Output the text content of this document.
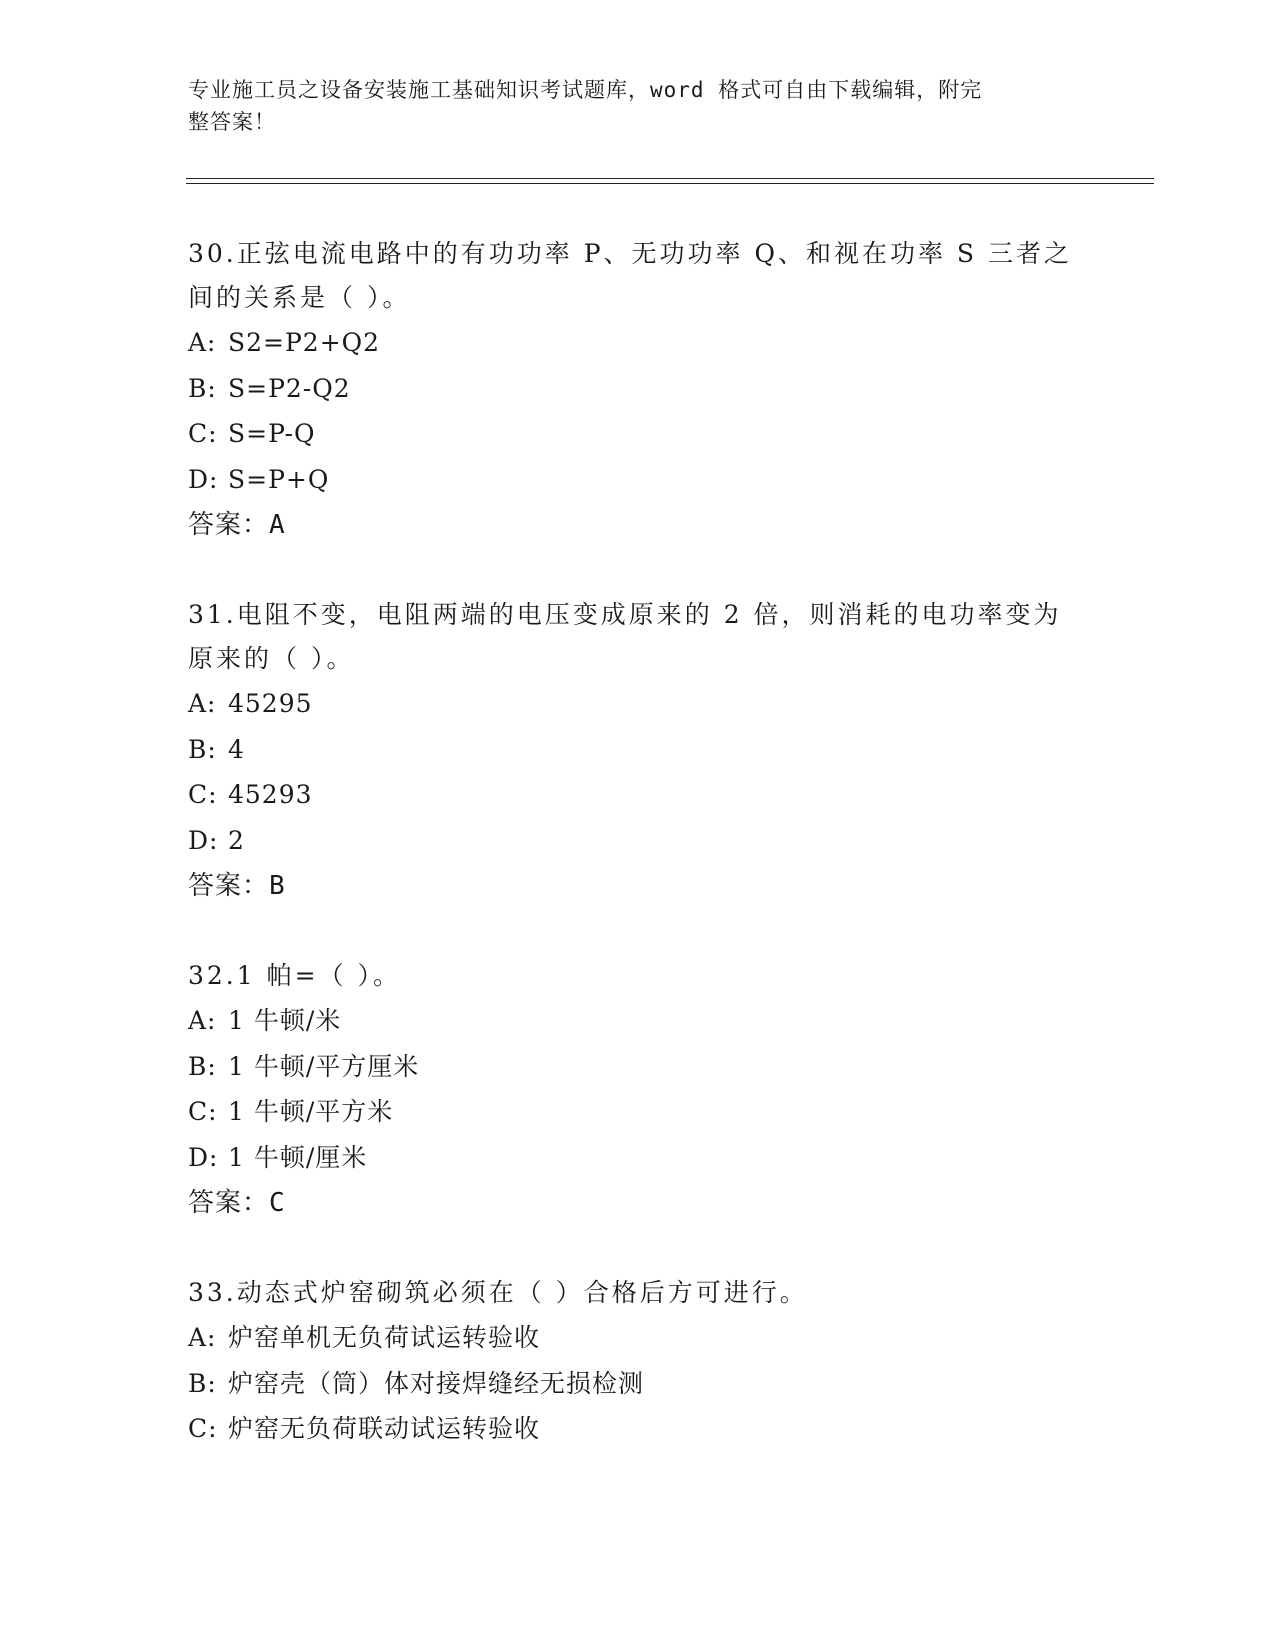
专业施工员之设备安装施工基础知识考试题库，word 格式可自由下载编辑，附完
整答案！

30.正弦电流电路中的有功功率 P、无功功率 Q、和视在功率 S 三者之
间的关系是（ ）。

A: S2=P2+Q2

B: S=P2-Q2

C: S=P-Q

D: S=P+Q

答案：A

31.电阻不变，电阻两端的电压变成原来的 2 倍，则消耗的电功率变为
原来的（ ）。

A: 45295

B: 4

C: 45293

D: 2

答案：B

32.1 帕=（ ）。

A: 1 牛顿/米

B: 1 牛顿/平方厘米

C: 1 牛顿/平方米

D: 1 牛顿/厘米

答案：C

33.动态式炉窑砌筑必须在（ ）合格后方可进行。

A: 炉窑单机无负荷试运转验收

B: 炉窑壳（筒）体对接焊缝经无损检测

C: 炉窑无负荷联动试运转验收
